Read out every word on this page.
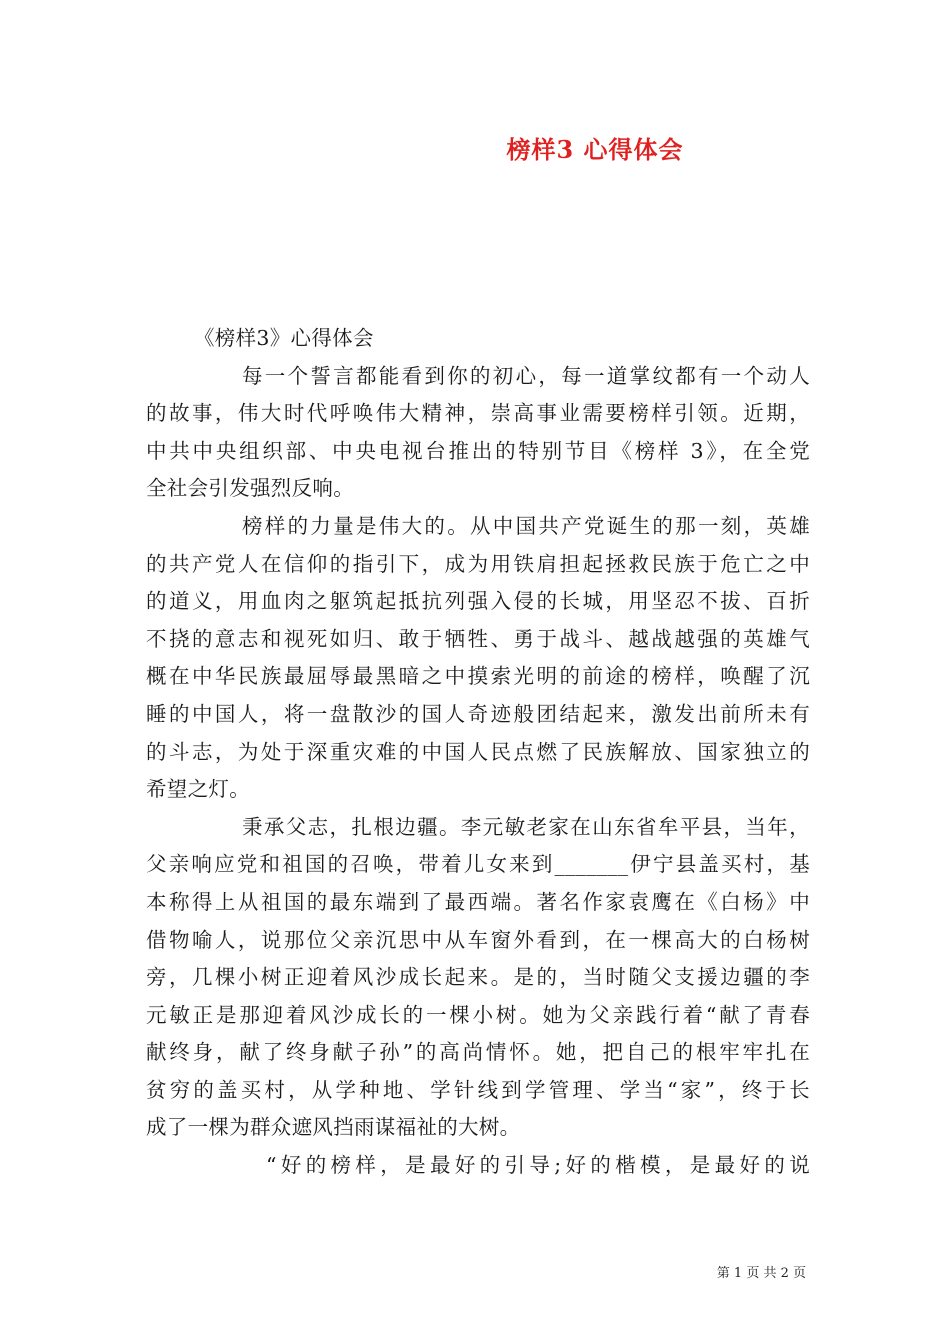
榜样3 心得体会
《榜样3》心得体会
每一个誓言都能看到你的初心，每一道掌纹都有一个动人
的故事，伟大时代呼唤伟大精神，崇高事业需要榜样引领。近期，
中共中央组织部、中央电视台推出的特别节目《榜样 3》，在全党
全社会引发强烈反响。
榜样的力量是伟大的。从中国共产党诞生的那一刻，英雄
的共产党人在信仰的指引下，成为用铁肩担起拯救民族于危亡之中
的道义，用血肉之躯筑起抵抗列强入侵的长城，用坚忍不拔、百折
不挠的意志和视死如归、敢于牺牲、勇于战斗、越战越强的英雄气
概在中华民族最屈辱最黑暗之中摸索光明的前途的榜样，唤醒了沉
睡的中国人，将一盘散沙的国人奇迹般团结起来，激发出前所未有
的斗志，为处于深重灾难的中国人民点燃了民族解放、国家独立的
希望之灯。
秉承父志，扎根边疆。李元敏老家在山东省牟平县，当年，
父亲响应党和祖国的召唤，带着儿女来到_______伊宁县盖买村，基
本称得上从祖国的最东端到了最西端。著名作家袁鹰在《白杨》中
借物喻人，说那位父亲沉思中从车窗外看到，在一棵高大的白杨树
旁，几棵小树正迎着风沙成长起来。是的，当时随父支援边疆的李
元敏正是那迎着风沙成长的一棵小树。她为父亲践行着“献了青春
献终身，献了终身献子孙”的高尚情怀。她，把自己的根牢牢扎在
贫穷的盖买村，从学种地、学针线到学管理、学当“家”，终于长
成了一棵为群众遮风挡雨谋福祉的大树。
“好的榜样，是最好的引导;好的楷模，是最好的说
第 1 页 共 2 页
